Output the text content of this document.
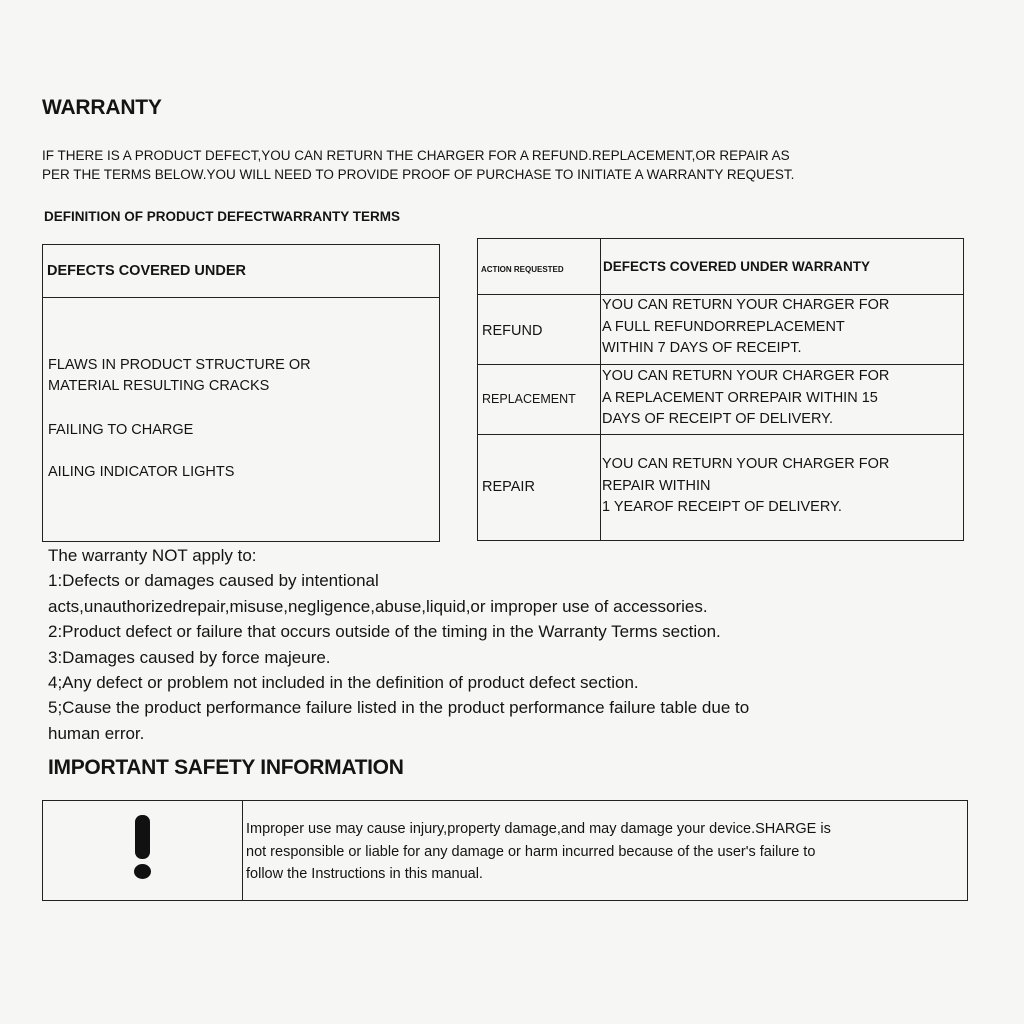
WARRANTY
IF THERE IS A PRODUCT DEFECT,YOU CAN RETURN THE CHARGER FOR A REFUND.REPLACEMENT,OR REPAIR AS
PER THE TERMS BELOW.YOU WILL NEED TO PROVIDE PROOF OF PURCHASE TO INITIATE A WARRANTY REQUEST.
DEFINITION OF PRODUCT DEFECTWARRANTY TERMS
DEFECTS COVERED UNDER
FLAWS IN PRODUCT STRUCTURE OR
MATERIAL RESULTING CRACKS
FAILING TO CHARGE
AILING INDICATOR LIGHTS
ACTION REQUESTED	DEFECTS COVERED UNDER WARRANTY
REFUND
YOU CAN RETURN YOUR CHARGER FOR
A FULL REFUNDORREPLACEMENT
WITHIN 7 DAYS OF RECEIPT.
REPLACEMENT
YOU CAN RETURN YOUR CHARGER FOR
A REPLACEMENT ORREPAIR WITHIN 15
DAYS OF RECEIPT OF DELIVERY.
REPAIR
YOU CAN RETURN YOUR CHARGER FOR
REPAIR WITHIN
1 YEAROF RECEIPT OF DELIVERY.
The warranty NOT apply to:
1:Defects or damages caused by intentional
acts,unauthorizedrepair,misuse,negligence,abuse,liquid,or improper use of accessories.
2:Product defect or failure that occurs outside of the timing in the Warranty Terms section.
3:Damages caused by force majeure.
4;Any defect or problem not included in the definition of product defect section.
5;Cause the product performance failure listed in the product performance failure table due to
human error.
IMPORTANT SAFETY INFORMATION
Improper use may cause injury,property damage,and may damage your device.SHARGE is
not responsible or liable for any damage or harm incurred because of the user's failure to
follow the Instructions in this manual.
